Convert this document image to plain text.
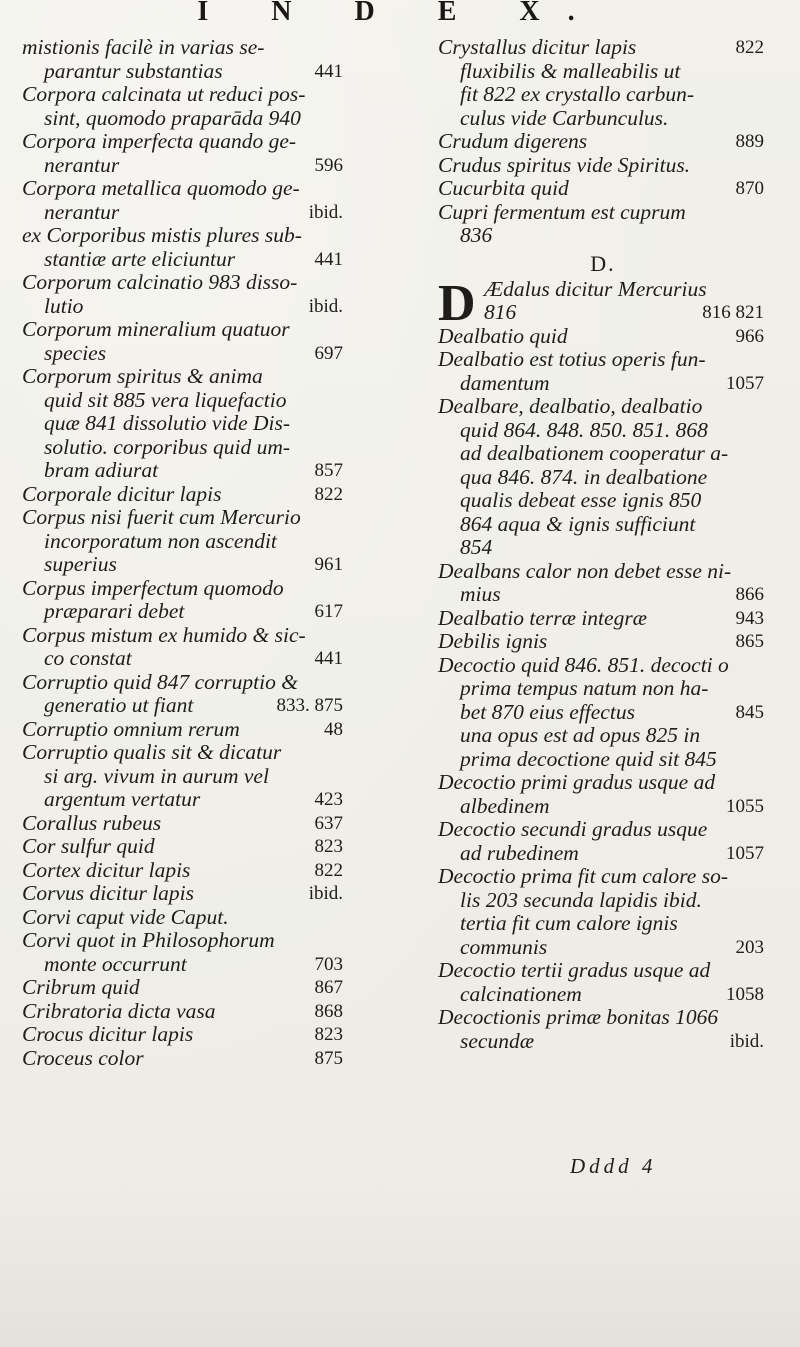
I N D E X.
mistionis facilè in varias se-
parantur substantias	441
Corpora calcinata ut reduci pos-
sint, quomodo praparāda 940
Corpora imperfecta quando ge-
nerantur	596
Corpora metallica quomodo ge-
nerantur	ibid.
ex Corporibus mistis plures sub-
stantiæ arte eliciuntur	441
Corporum calcinatio 983 disso-
lutio	ibid.
Corporum mineralium quatuor
species	697
Corporum spiritus & anima
quid sit 885 vera liquefactio
quæ 841 dissolutio vide Dis-
solutio. corporibus quid um-
bram adiurat	857
Corporale dicitur lapis	822
Corpus nisi fuerit cum Mercurio
incorporatum non ascendit
superius	961
Corpus imperfectum quomodo
præparari debet	617
Corpus mistum ex humido & sic-
co constat	441
Corruptio quid 847 corruptio &
generatio ut fiant	833. 875
Corruptio omnium rerum	48
Corruptio qualis sit & dicatur
si arg. vivum in aurum vel
argentum vertatur	423
Corallus rubeus	637
Cor sulfur quid	823
Cortex dicitur lapis	822
Corvus dicitur lapis	ibid.
Corvi caput vide Caput.
Corvi quot in Philosophorum
monte occurrunt	703
Cribrum quid	867
Cribratoria dicta vasa	868
Crocus dicitur lapis	823
Croceus color	875
Crystallus dicitur lapis	822
fluxibilis & malleabilis ut
fit 822 ex crystallo carbun-
culus vide Carbunculus.
Crudum digerens	889
Crudus spiritus vide Spiritus.
Cucurbita quid	870
Cupri fermentum est cuprum
836
D.
D Ædalus dicitur Mercurius
816	816 821
Dealbatio quid	966
Dealbatio est totius operis fun-
damentum	1057
Dealbare, dealbatio, dealbatio
quid 864. 848. 850. 851. 868
ad dealbationem cooperatur a-
qua 846. 874. in dealbatione
qualis debeat esse ignis 850
864 aqua & ignis sufficiunt
854
Dealbans calor non debet esse ni-
mius	866
Dealbatio terræ integræ	943
Debilis ignis	865
Decoctio quid 846. 851. decocti o
prima tempus natum non ha-
bet 870 eius effectus	845
una opus est ad opus 825 in
prima decoctione quid sit 845
Decoctio primi gradus usque ad
albedinem	1055
Decoctio secundi gradus usque
ad rubedinem	1057
Decoctio prima fit cum calore so-
lis 203 secunda lapidis ibid.
tertia fit cum calore ignis
communis	203
Decoctio tertii gradus usque ad
calcinationem	1058
Decoctionis primæ bonitas 1066
secundæ	ibid.
Dddd 4
